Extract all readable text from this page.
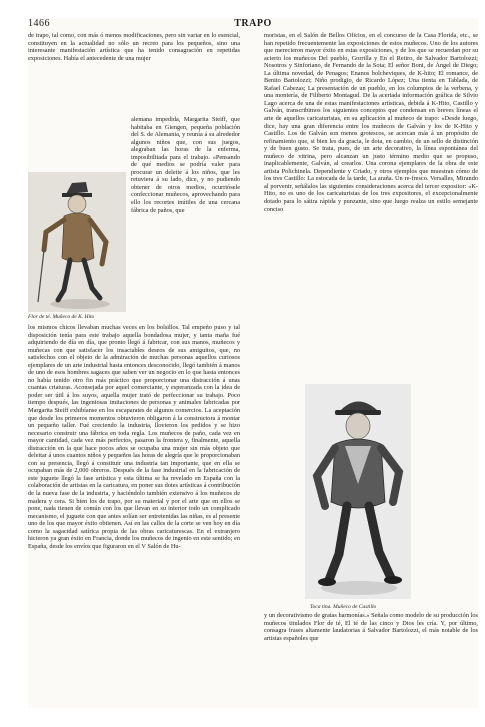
1466	TRAPO
de trapo, tal como, con más ó menos modificaciones, pero sin variar en lo esencial, constituyen en la actualidad no sólo un recreo para los pequeños, sino una interesante manifestación artística que ha tenido consagración en repetidas exposiciones. Había el antecedente de una mujer
Flor de té. Muñeco de K. Hito
alemana impedida, Margarita Steiff, que habitaba en Giengen, pequeña población del S. de Alemania, y reunía á su alrededor algunos niños que, con sus juegos, alegraban las horas de la enferma, imposibilitada para el trabajo. «Pensando de qué medios se podría valer para procurar un deleite á los niños, que les retuviera á su lado, dice, y no pudiendo obtener de otros medios, ocurriósele confeccionar muñecos, aprovechando para ello los recortes inútiles de una cercana fábrica de paños, que
los mismos chicos llevaban muchas veces en los bolsillos. Tal empeño puso y tal disposición tenía para este trabajo aquella bondadosa mujer, y tanta maña fué adquiriendo de día en día, que pronto llegó á fabricar, con sus manos, muñecos y muñecas con que satisfacer los insaciables deseos de sus amiguitos, que, no satisfechos con el objeto de la admiración de muchas personas aquellos curiosos ejemplares de un arte industrial hasta entonces desconocido, llegó también á manos de uno de esos hombres sagaces que saben ver un negocio en lo que hasta entonces no había tenido otro fin más práctico que proporcionar una distracción á unas cuantas criaturas. Aconsejada por aquel comerciante, y esperanzada con la idea de poder ser útil á los suyos, aquella mujer trató de perfeccionar su trabajo. Poco tiempo después, las ingeniosas imitaciones de personas y animales fabricadas por Margarita Steiff exhibíanse en los escaparates de algunos comercios. La aceptación que desde los primeros momentos obtuvieron obligaron á la constructora á montar un pequeño taller. Fué creciendo la industria, llovieron los pedidos y se hizo necesario construir una fábrica en toda regla. Los muñecos de paño, cada vez en mayor cantidad, cada vez más perfectos, pasaron la frontera y, finalmente, aquella distracción en la que hace pocos años se ocupaba una mujer sin más objeto que deleitar á unos cuantos niños y pequeños las horas de alegría que le proporcionaban con su presencia, llegó á constituir una industria tan importante, que en ella se ocupaban más de 2,000 obreros. Después de la fase industrial en la fabricación de este juguete llegó la fase artística y esta última se ha revelado en España con la colaboración de artistas en la caricatura, en poner sus dotes artísticas á contribución de la nueva fase de la industria, y haciéndolo también extensivo á los muñecos de madera y cera. Si bien los de trapo, por su material y por el arte que en ellos se pone, nada tienen de común con los que llevan en su interior todo un complicado mecanismo, el juguete con que antes solían ser entretenidas las niñas, es al presente uno de los que mayor éxito obtienen. Así en las calles de la corte se ven hoy en día como la sagacidad satírica propia de las obras caricaturescas. En el extranjero hicieron ya gran éxito en Francia, donde los muñecos de ingenio en este sentido; en España, desde los envíos que figuraron en el V Salón de Hu-
moristas, en el Salón de Bellos Oficios, en el concurso de la Casa Florida, etc., se han repetido frecuentemente las exposiciones de estos muñecos. Uno de los autores que merecieron mayor éxito en estas exposiciones, y de los que se recuerdan por su acierto los muñecos Del pueblo, Gorrilla y En el Retiro, de Salvador Bartolozzi; Nosotros y Sinforiano, de Fernando de la Sota; El señor Boni, de Ángel de Diego; La última novedad, de Penagos; Enanos bolcheviques, de K-hito; El romance, de Benito Bartolozzi; Niño prodigio, de Ricardo López; Una tienta en Tablada, de Rafael Cabezas; La presentación de un pueblo, en los columpios de la verbena, y una montería, de Filiberto Montagud. De la acertada información gráfica de Silvio Lago acerca de una de estas manifestaciones artísticas, debida á K-Hito, Castillo y Galván, transcribimos los siguientes conceptos que condensan en breves líneas el arte de aquellos caricaturistas, en su aplicación al muñeco de trapo: «Desde luego, dice, hay una gran diferencia entre los muñecos de Galván y los de K-Hito y Castillo. Los de Galván son menos grotescos, se acercan más á un propósito de refinamiento que, si bien les da gracia, le dota, en cambio, de un sello de distinción y de buen gusto. Se trata, pues, de un arte decorativo, la línea espontánea del muñeco de vitrina, pero alcanzan un justo término medio que se propuso, inaplicablemente, Galván, al crearlos. Una corona ejemplares de la obra de este artista Polichinela. Dependiente y Criado, y otros ejemplos que muestran cómo de los tres Castillo: La estocada de la tarde, La araña. Un re-fresco. Versalles, Mirando al porvenir, señálalos las siguientes consideraciones acerca del tercer expositor: «K-Hito, no es uno de los caricaturistas de los tres expositores, el excepcionalmente dotado para lo sátira rápida y punzante, sino que luego realza un estilo semejante conciso
Toca tina. Muñeco de Castillo
y un decorativismo de gratas harmonías.» Señala como modelo de su producción los muñecos titulados Flor de té, El té de las cinco y Dios les cría. Y, por último, consagra frases altamente laudatorias á Salvador Bartolozzi, el más notable de los artistas españoles que
